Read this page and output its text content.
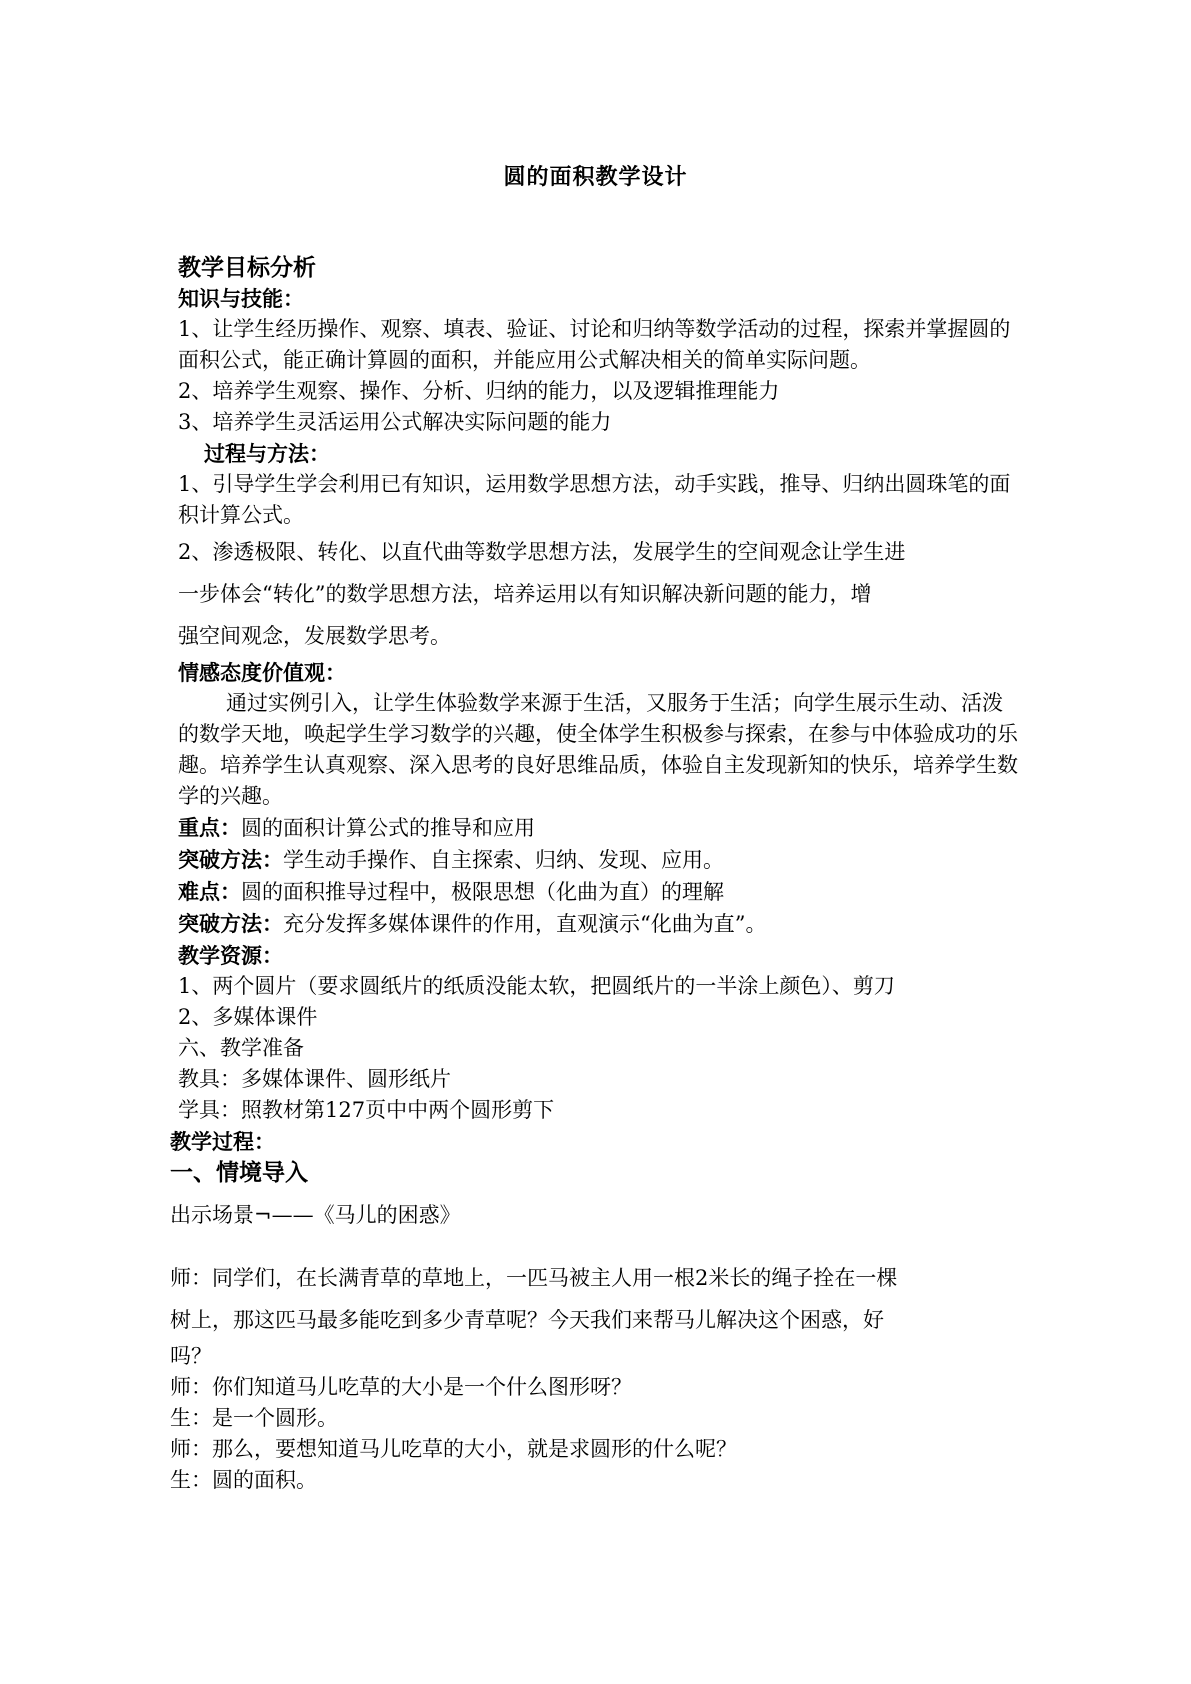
圆的面积教学设计

教学目标分析

知识与技能：

1、让学生经历操作、观察、填表、验证、讨论和归纳等数学活动的过程，探索并掌握圆的面积公式，能正确计算圆的面积，并能应用公式解决相关的简单实际问题。

2、培养学生观察、操作、分析、归纳的能力，以及逻辑推理能力

3、培养学生灵活运用公式解决实际问题的能力

过程与方法：

1、引导学生学会利用已有知识，运用数学思想方法，动手实践，推导、归纳出圆珠笔的面积计算公式。

2、渗透极限、转化、以直代曲等数学思想方法，发展学生的空间观念让学生进

一步体会“转化”的数学思想方法，培养运用以有知识解决新问题的能力，增

强空间观念，发展数学思考。

情感态度价值观：

通过实例引入，让学生体验数学来源于生活，又服务于生活；向学生展示生动、活泼的数学天地，唤起学生学习数学的兴趣，使全体学生积极参与探索，在参与中体验成功的乐趣。培养学生认真观察、深入思考的良好思维品质，体验自主发现新知的快乐，培养学生数学的兴趣。

重点：圆的面积计算公式的推导和应用

突破方法：学生动手操作、自主探索、归纳、发现、应用。

难点：圆的面积推导过程中，极限思想（化曲为直）的理解

突破方法：充分发挥多媒体课件的作用，直观演示“化曲为直”。

教学资源：

1、两个圆片（要求圆纸片的纸质没能太软，把圆纸片的一半涂上颜色）、剪刀

2、多媒体课件

六、教学准备

教具：多媒体课件、圆形纸片

学具：照教材第127页中中两个圆形剪下

教学过程：

一、情境导入

出示场景¬——《马儿的困惑》

师：同学们，在长满青草的草地上，一匹马被主人用一根2米长的绳子拴在一棵

树上，那这匹马最多能吃到多少青草呢？今天我们来帮马儿解决这个困惑，好

吗？

师：你们知道马儿吃草的大小是一个什么图形呀？

生：是一个圆形。

师：那么，要想知道马儿吃草的大小，就是求圆形的什么呢？

生：圆的面积。
